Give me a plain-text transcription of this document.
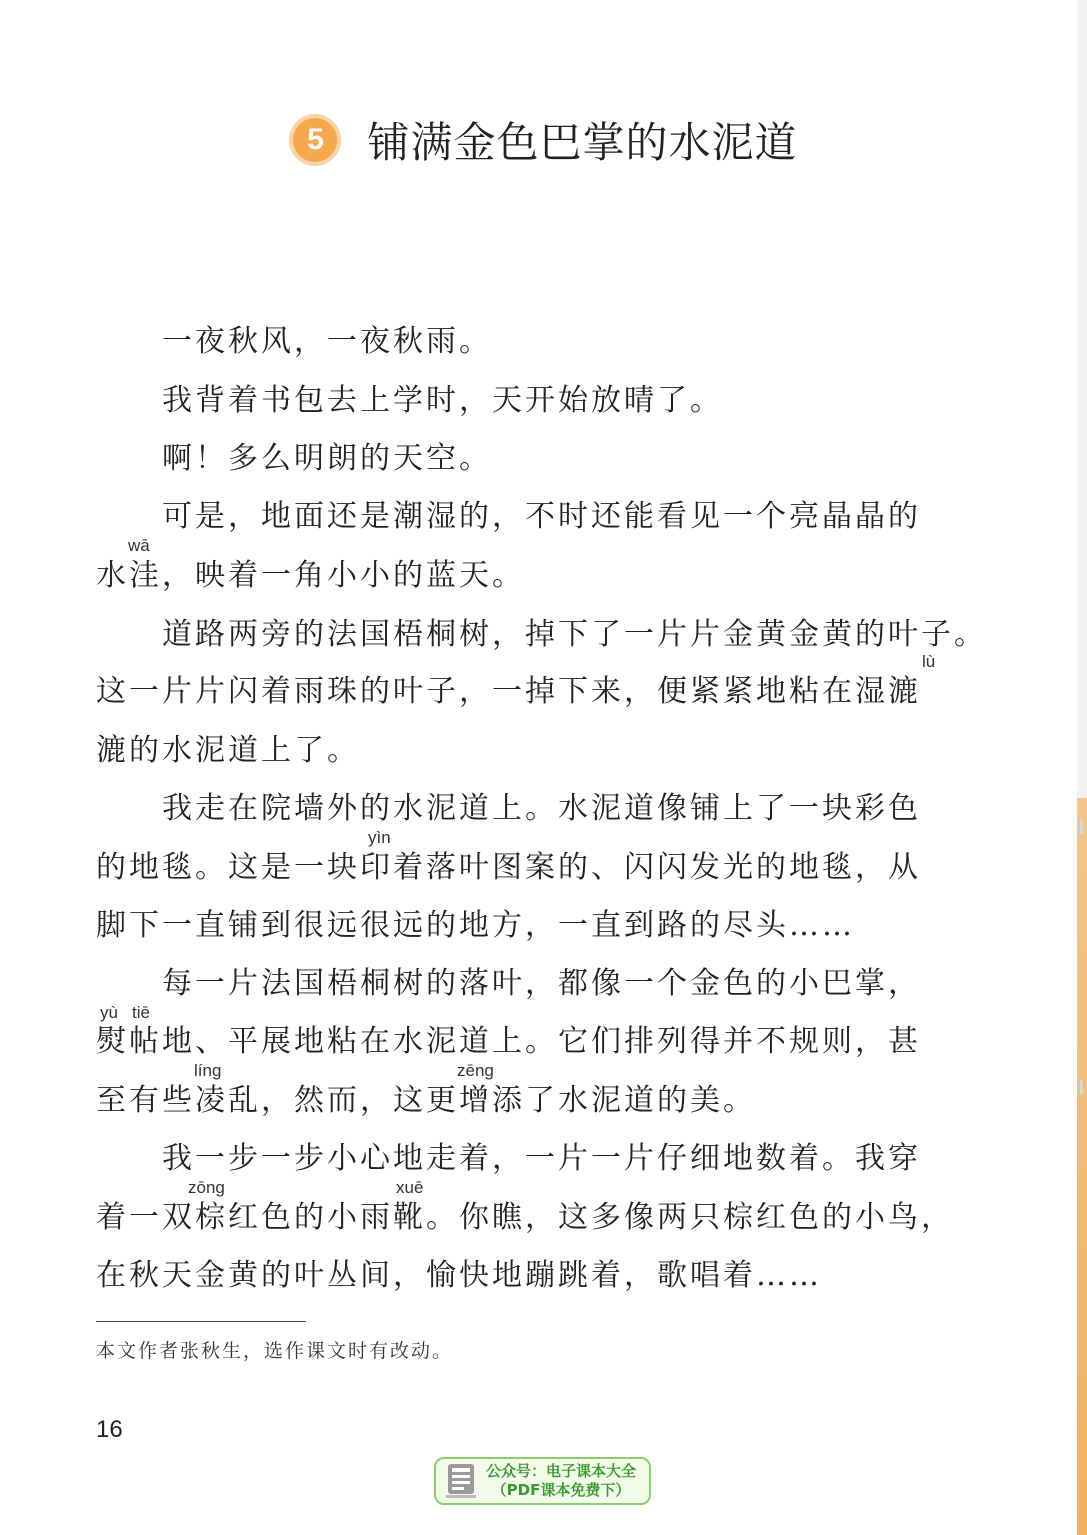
5 铺满金色巴掌的水泥道
一夜秋风，一夜秋雨。
我背着书包去上学时，天开始放晴了。
啊！多么明朗的天空。
可是，地面还是潮湿的，不时还能看见一个亮晶晶的
wā
水洼，映着一角小小的蓝天。
道路两旁的法国梧桐树，掉下了一片片金黄金黄的叶子。
lù
这一片片闪着雨珠的叶子，一掉下来，便紧紧地粘在湿漉
漉的水泥道上了。
我走在院墙外的水泥道上。水泥道像铺上了一块彩色
yìn
的地毯。这是一块印着落叶图案的、闪闪发光的地毯，从
脚下一直铺到很远很远的地方，一直到路的尽头……
每一片法国梧桐树的落叶，都像一个金色的小巴掌，
yù tiē
熨帖地、平展地粘在水泥道上。它们排列得并不规则，甚
líng	zēng
至有些凌乱，然而，这更增添了水泥道的美。
我一步一步小心地走着，一片一片仔细地数着。我穿
zōng	xuē
着一双棕红色的小雨靴。你瞧，这多像两只棕红色的小鸟，
在秋天金黄的叶丛间，愉快地蹦跳着，歌唱着……
本文作者张秋生，选作课文时有改动。
16
公众号：电子课本大全
（PDF课本免费下）
